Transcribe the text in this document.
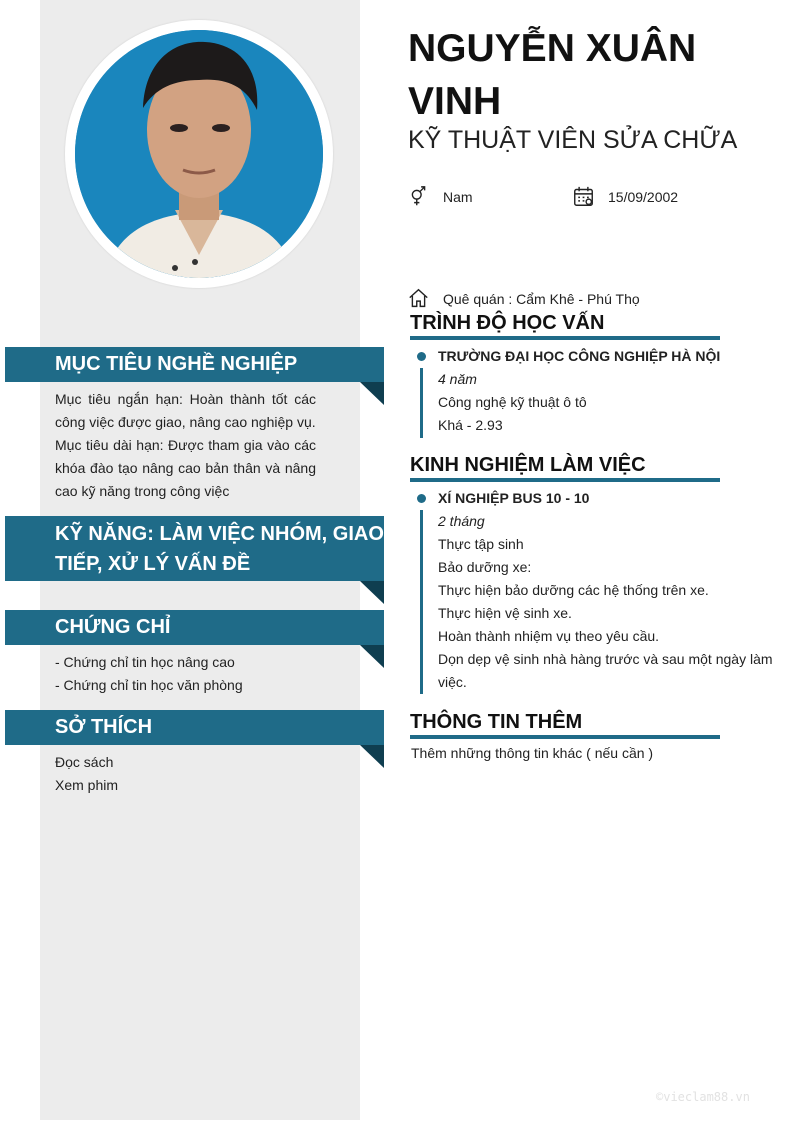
MỤC TIÊU NGHỀ NGHIỆP

Mục tiêu ngắn hạn: Hoàn thành tốt các công việc được giao, nâng cao nghiệp vụ.

Mục tiêu dài hạn: Được tham gia vào các khóa đào tạo nâng cao bản thân và nâng cao kỹ năng trong công việc

KỸ NĂNG: LÀM VIỆC NHÓM, GIAO
TIẾP, XỬ LÝ VẤN ĐỀ
CHỨNG CHỈ

- Chứng chỉ tin học nâng cao

- Chứng chỉ tin học văn phòng

SỞ THÍCH

Đọc sách

Xem phim

NGUYỄN XUÂN VINH
KỸ THUẬT VIÊN SỬA CHỮA
Nam	15/09/2002
Quê quán : Cẩm Khê - Phú Thọ
TRÌNH ĐỘ HỌC VẤN
TRƯỜNG ĐẠI HỌC CÔNG NGHIỆP HÀ NỘI
4 năm
Công nghệ kỹ thuật ô tô
Khá - 2.93
KINH NGHIỆM LÀM VIỆC
XÍ NGHIỆP BUS 10 - 10
2 tháng
Thực tập sinh
Bảo dưỡng xe:
Thực hiện bảo dưỡng các hệ thống trên xe.
Thực hiện vệ sinh xe.
Hoàn thành nhiệm vụ theo yêu cầu.
Dọn dẹp vệ sinh nhà hàng trước và sau một ngày làm việc.
THÔNG TIN THÊM
Thêm những thông tin khác ( nếu cần )
©vieclam88.vn
